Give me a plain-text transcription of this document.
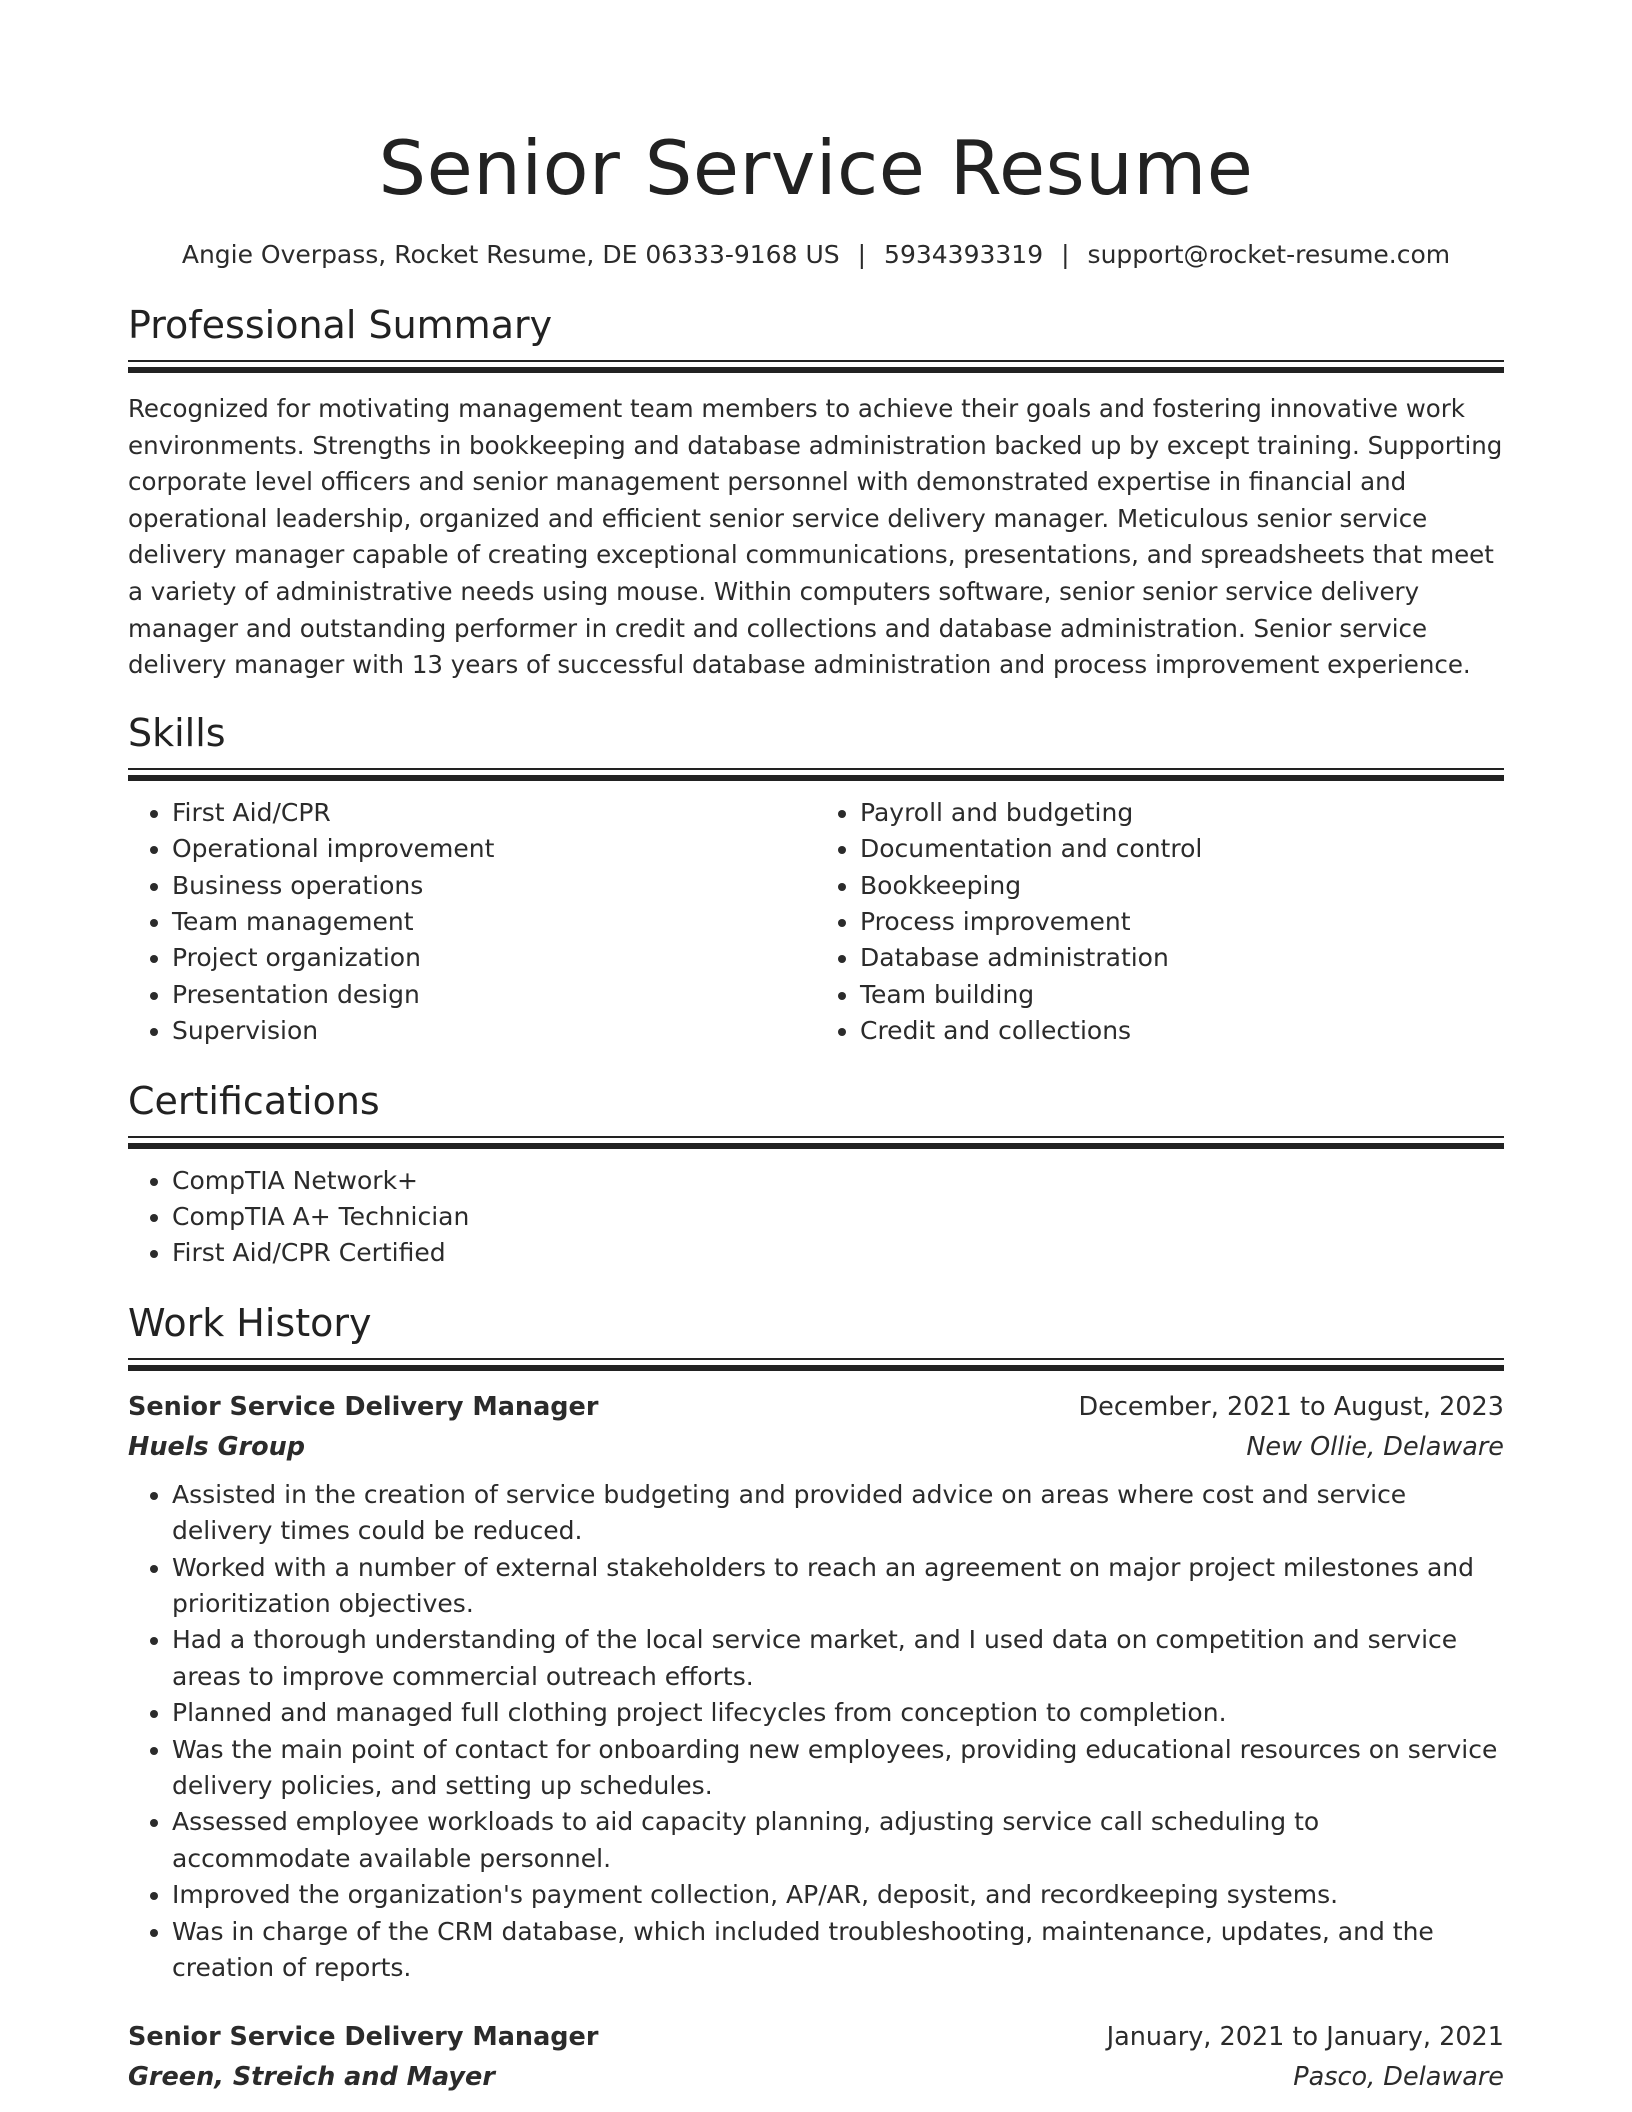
Senior Service Resume
Angie Overpass, Rocket Resume, DE 06333-9168 US | 5934393319 | support@rocket-resume.com
Professional Summary

Recognized for motivating management team members to achieve their goals and fostering innovative work environments. Strengths in bookkeeping and database administration backed up by except training. Supporting corporate level officers and senior management personnel with demonstrated expertise in financial and operational leadership, organized and efficient senior service delivery manager. Meticulous senior service delivery manager capable of creating exceptional communications, presentations, and spreadsheets that meet a variety of administrative needs using mouse. Within computers software, senior senior service delivery manager and outstanding performer in credit and collections and database administration. Senior service delivery manager with 13 years of successful database administration and process improvement experience.

Skills
• First Aid/CPR
• Operational improvement
• Business operations
• Team management
• Project organization
• Presentation design
• Supervision
• Payroll and budgeting
• Documentation and control
• Bookkeeping
• Process improvement
• Database administration
• Team building
• Credit and collections
Certifications
• CompTIA Network+
• CompTIA A+ Technician
• First Aid/CPR Certified
Work History
Senior Service Delivery Manager	December, 2021 to August, 2023
Huels Group	New Ollie, Delaware
• Assisted in the creation of service budgeting and provided advice on areas where cost and service delivery times could be reduced.
• Worked with a number of external stakeholders to reach an agreement on major project milestones and prioritization objectives.
• Had a thorough understanding of the local service market, and I used data on competition and service areas to improve commercial outreach efforts.
• Planned and managed full clothing project lifecycles from conception to completion.
• Was the main point of contact for onboarding new employees, providing educational resources on service delivery policies, and setting up schedules.
• Assessed employee workloads to aid capacity planning, adjusting service call scheduling to accommodate available personnel.
• Improved the organization's payment collection, AP/AR, deposit, and recordkeeping systems.
• Was in charge of the CRM database, which included troubleshooting, maintenance, updates, and the creation of reports.
Senior Service Delivery Manager	January, 2021 to January, 2021
Green, Streich and Mayer	Pasco, Delaware
